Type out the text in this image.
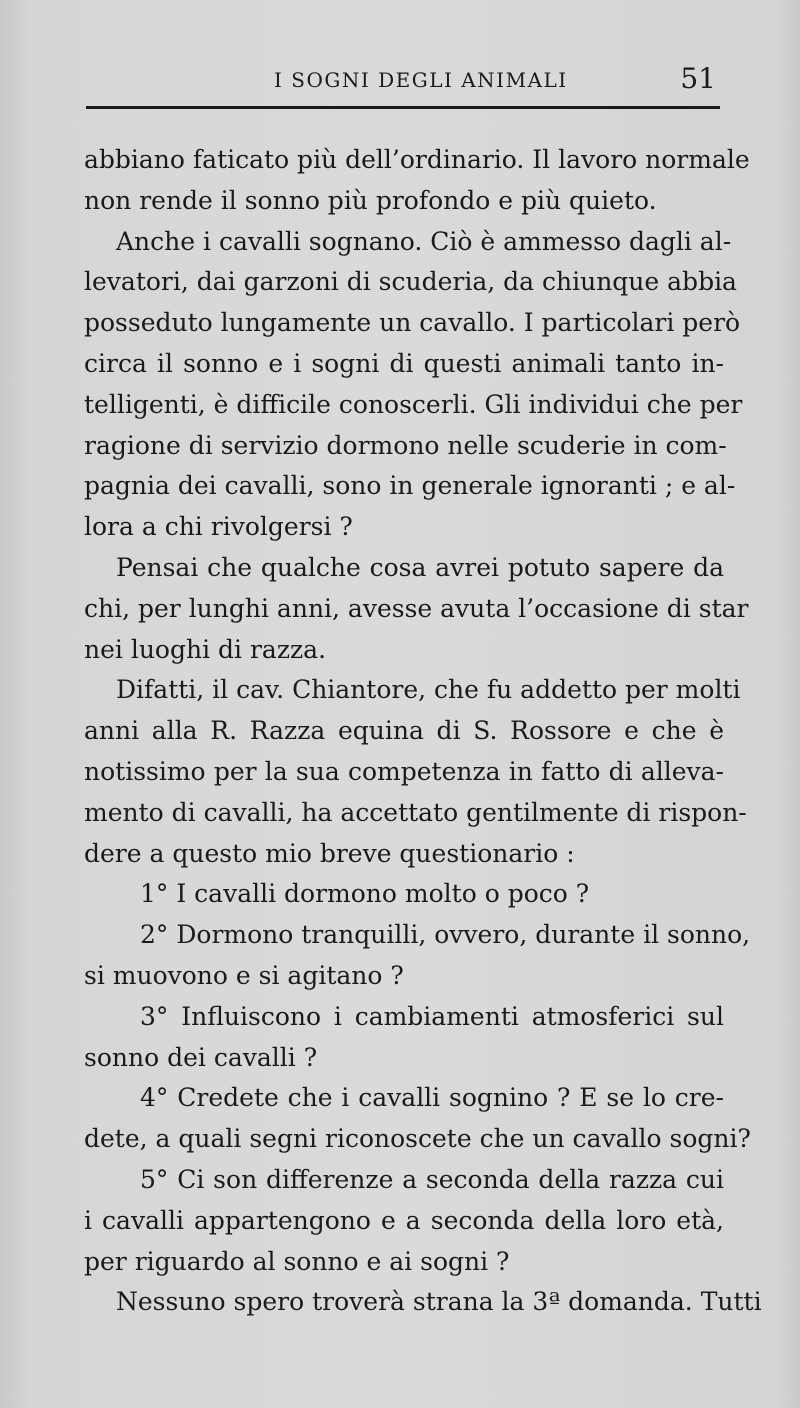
I SOGNI DEGLI ANIMALI	51
abbiano faticato più dell’ordinario. Il lavoro normale
non rende il sonno più profondo e più quieto.
Anche i cavalli sognano. Ciò è ammesso dagli al-
levatori, dai garzoni di scuderia, da chiunque abbia
posseduto lungamente un cavallo. I particolari però
circa il sonno e i sogni di questi animali tanto in-
telligenti, è difficile conoscerli. Gli individui che per
ragione di servizio dormono nelle scuderie in com-
pagnia dei cavalli, sono in generale ignoranti ; e al-
lora a chi rivolgersi ?
Pensai che qualche cosa avrei potuto sapere da
chi, per lunghi anni, avesse avuta l’occasione di star
nei luoghi di razza.
Difatti, il cav. Chiantore, che fu addetto per molti
anni alla R. Razza equina di S. Rossore e che è
notissimo per la sua competenza in fatto di alleva-
mento di cavalli, ha accettato gentilmente di rispon-
dere a questo mio breve questionario :
1° I cavalli dormono molto o poco ?
2° Dormono tranquilli, ovvero, durante il sonno,
si muovono e si agitano ?
3° Influiscono i cambiamenti atmosferici sul
sonno dei cavalli ?
4° Credete che i cavalli sognino ? E se lo cre-
dete, a quali segni riconoscete che un cavallo sogni?
5° Ci son differenze a seconda della razza cui
i cavalli appartengono e a seconda della loro età,
per riguardo al sonno e ai sogni ?
Nessuno spero troverà strana la 3ª domanda. Tutti
